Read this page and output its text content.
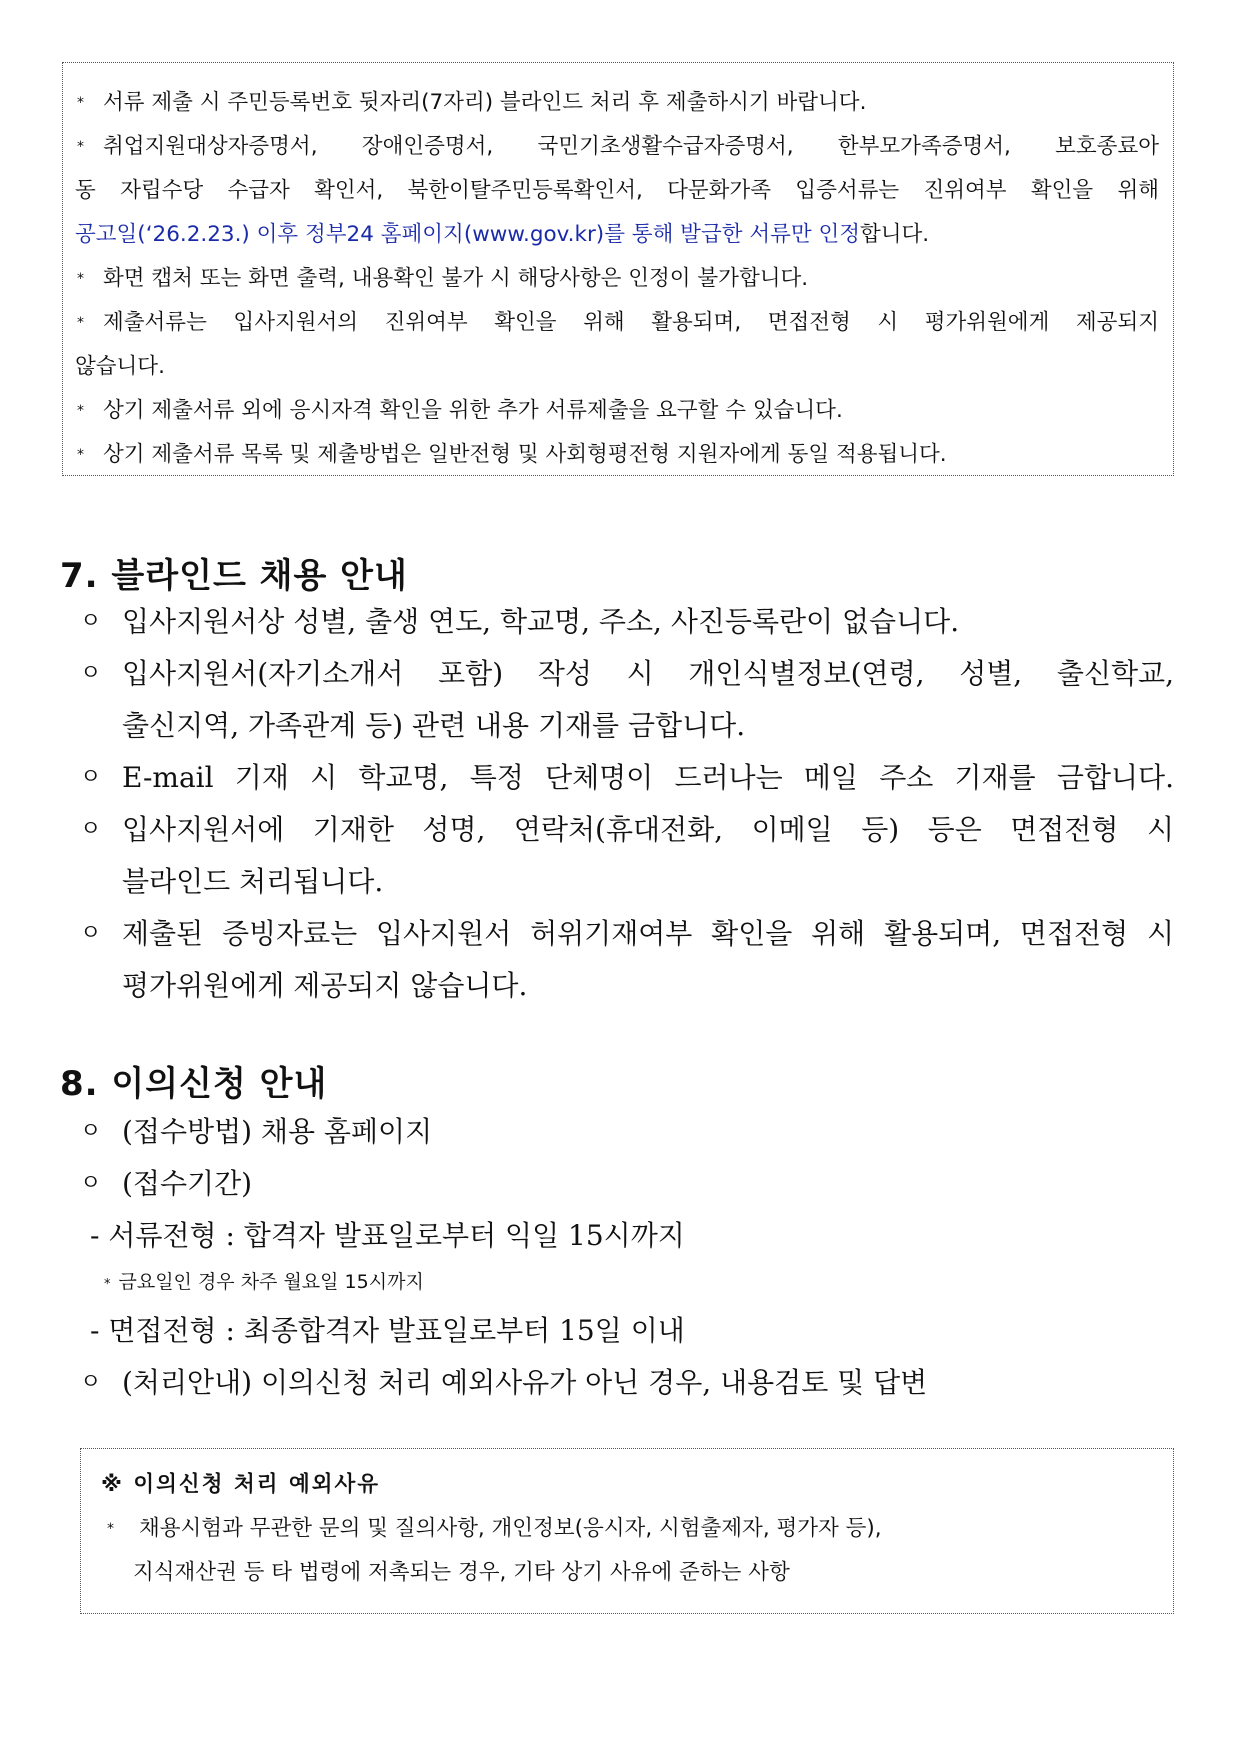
* 서류 제출 시 주민등록번호 뒷자리(7자리) 블라인드 처리 후 제출하시기 바랍니다.
* 취업지원대상자증명서, 장애인증명서, 국민기초생활수급자증명서, 한부모가족증명서, 보호종료아
동 자립수당 수급자 확인서, 북한이탈주민등록확인서, 다문화가족 입증서류는 진위여부 확인을 위해
공고일(‘26.2.23.) 이후 정부24 홈페이지(www.gov.kr)를 통해 발급한 서류만 인정합니다.
* 화면 캡처 또는 화면 출력, 내용확인 불가 시 해당사항은 인정이 불가합니다.
* 제출서류는 입사지원서의 진위여부 확인을 위해 활용되며, 면접전형 시 평가위원에게 제공되지
않습니다.
* 상기 제출서류 외에 응시자격 확인을 위한 추가 서류제출을 요구할 수 있습니다.
* 상기 제출서류 목록 및 제출방법은 일반전형 및 사회형평전형 지원자에게 동일 적용됩니다.
7. 블라인드 채용 안내
ㅇ 입사지원서상 성별, 출생 연도, 학교명, 주소, 사진등록란이 없습니다.
ㅇ 입사지원서(자기소개서 포함) 작성 시 개인식별정보(연령, 성별, 출신학교,
출신지역, 가족관계 등) 관련 내용 기재를 금합니다.
ㅇ E-mail 기재 시 학교명, 특정 단체명이 드러나는 메일 주소 기재를 금합니다.
ㅇ 입사지원서에 기재한 성명, 연락처(휴대전화, 이메일 등) 등은 면접전형 시
블라인드 처리됩니다.
ㅇ 제출된 증빙자료는 입사지원서 허위기재여부 확인을 위해 활용되며, 면접전형 시
평가위원에게 제공되지 않습니다.
8. 이의신청 안내
ㅇ (접수방법) 채용 홈페이지
ㅇ (접수기간)
- 서류전형 : 합격자 발표일로부터 익일 15시까지
* 금요일인 경우 차주 월요일 15시까지
- 면접전형 : 최종합격자 발표일로부터 15일 이내
ㅇ (처리안내) 이의신청 처리 예외사유가 아닌 경우, 내용검토 및 답변
※ 이의신청 처리 예외사유
*	채용시험과 무관한 문의 및 질의사항, 개인정보(응시자, 시험출제자, 평가자 등),
지식재산권 등 타 법령에 저촉되는 경우, 기타 상기 사유에 준하는 사항
